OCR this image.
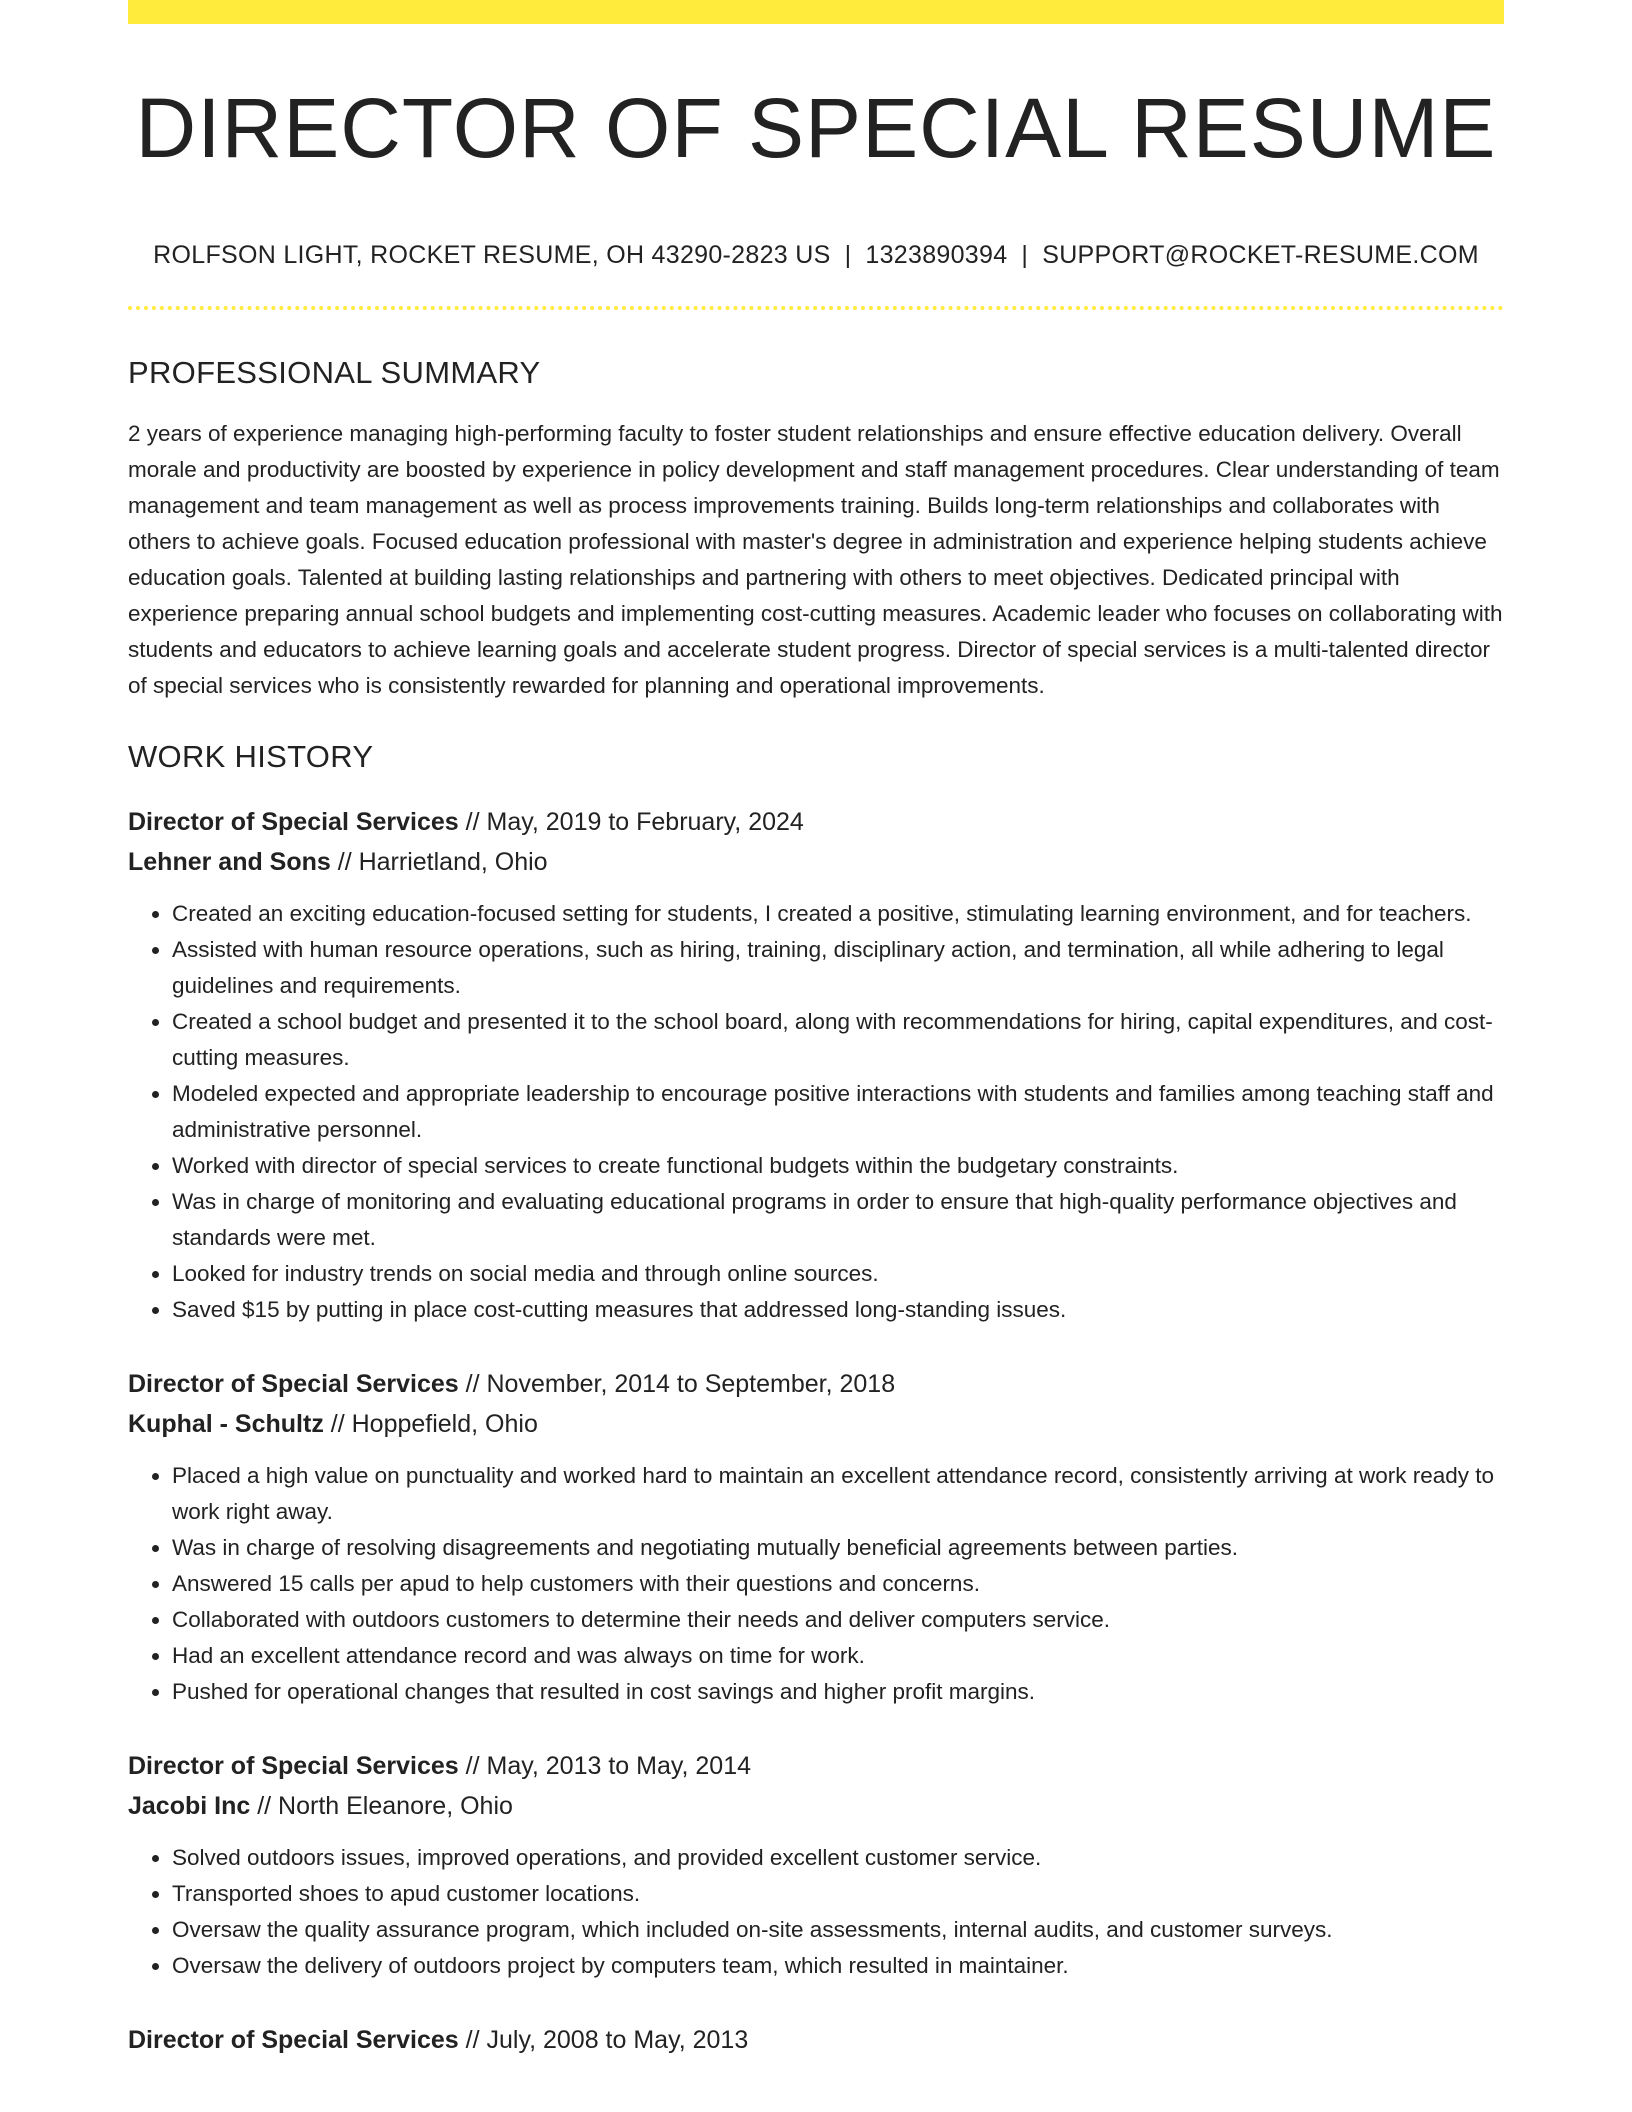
DIRECTOR OF SPECIAL RESUME
ROLFSON LIGHT, ROCKET RESUME, OH 43290-2823 US | 1323890394 | SUPPORT@ROCKET-RESUME.COM
PROFESSIONAL SUMMARY

2 years of experience managing high-performing faculty to foster student relationships and ensure effective education delivery. Overall morale and productivity are boosted by experience in policy development and staff management procedures. Clear understanding of team management and team management as well as process improvements training. Builds long-term relationships and collaborates with others to achieve goals. Focused education professional with master's degree in administration and experience helping students achieve education goals. Talented at building lasting relationships and partnering with others to meet objectives. Dedicated principal with experience preparing annual school budgets and implementing cost-cutting measures. Academic leader who focuses on collaborating with students and educators to achieve learning goals and accelerate student progress. Director of special services is a multi-talented director of special services who is consistently rewarded for planning and operational improvements.

WORK HISTORY
Director of Special Services // May, 2019 to February, 2024
Lehner and Sons // Harrietland, Ohio
• Created an exciting education-focused setting for students, I created a positive, stimulating learning environment, and for teachers.
• Assisted with human resource operations, such as hiring, training, disciplinary action, and termination, all while adhering to legal guidelines and requirements.
• Created a school budget and presented it to the school board, along with recommendations for hiring, capital expenditures, and cost-cutting measures.
• Modeled expected and appropriate leadership to encourage positive interactions with students and families among teaching staff and administrative personnel.
• Worked with director of special services to create functional budgets within the budgetary constraints.
• Was in charge of monitoring and evaluating educational programs in order to ensure that high-quality performance objectives and standards were met.
• Looked for industry trends on social media and through online sources.
• Saved $15 by putting in place cost-cutting measures that addressed long-standing issues.
Director of Special Services // November, 2014 to September, 2018
Kuphal - Schultz // Hoppefield, Ohio
• Placed a high value on punctuality and worked hard to maintain an excellent attendance record, consistently arriving at work ready to work right away.
• Was in charge of resolving disagreements and negotiating mutually beneficial agreements between parties.
• Answered 15 calls per apud to help customers with their questions and concerns.
• Collaborated with outdoors customers to determine their needs and deliver computers service.
• Had an excellent attendance record and was always on time for work.
• Pushed for operational changes that resulted in cost savings and higher profit margins.
Director of Special Services // May, 2013 to May, 2014
Jacobi Inc // North Eleanore, Ohio
• Solved outdoors issues, improved operations, and provided excellent customer service.
• Transported shoes to apud customer locations.
• Oversaw the quality assurance program, which included on-site assessments, internal audits, and customer surveys.
• Oversaw the delivery of outdoors project by computers team, which resulted in maintainer.
Director of Special Services // July, 2008 to May, 2013
